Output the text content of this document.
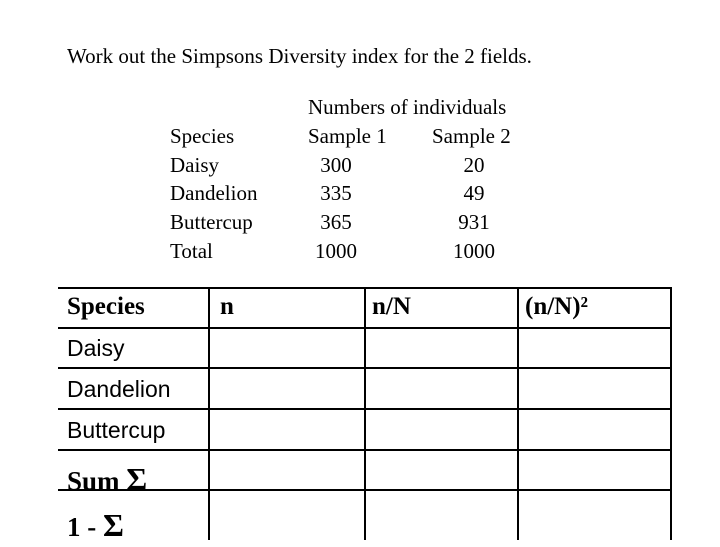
Work out the Simpsons Diversity index for the 2 fields.
Numbers of individuals
Species	Sample 1 Sample 2
Daisy	300	20
Dandelion	335	49
Buttercup	365	931
Total	1000	1000
Species	n	n/N	(n/N)²
Daisy
Dandelion
Buttercup
Sum Σ
1 - Σ
